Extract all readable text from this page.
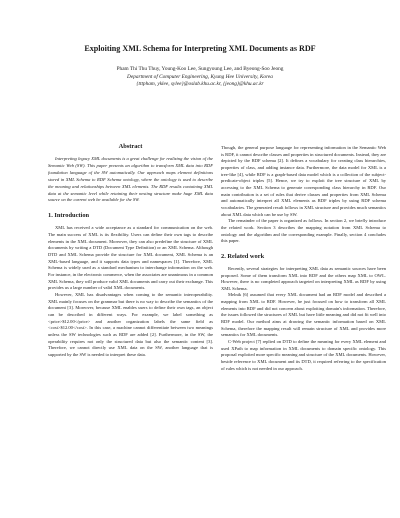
Exploiting XML Schema for Interpreting XML Documents as RDF
Pham Thi Thu Thuy, Young-Koo Lee, Sungyoung Lee, and Byeong-Soo Jeong
Department of Computer Engineering, Kyung Hee University, Korea
{tttpham, yklee, sylee}@oslab.khu.ac.kr, {jeong}@khu.ac.kr
Abstract

Interpreting legacy XML documents is a great challenge for realizing the vision of the Semantic Web (SW). This paper presents an algorithm to transform XML data into RDF foundation language of the SW automatically. Our approach maps element definitions stored in XML Schema to RDF Schema ontology, where the ontology is used to describe the meaning and relationships between XML elements. The RDF results containing XML data at the semantic level while retaining their nesting structure make huge XML data source on the current web be available for the SW.

1. Introduction

XML has received a wide acceptance as a standard for communication on the web. The main success of XML is its flexibility. Users can define their own tags to describe elements in the XML document. Moreover, they can also predefine the structure of XML documents by writing a DTD (Document Type Definition) or an XML Schema. Although DTD and XML Schema provide the structure for XML document, XML Schema is an XML-based language, and it supports data types and namespaces [1]. Therefore, XML Schema is widely used as a standard mechanism to interchange information on the web. For instance, in the electronic commerce, when the associates are unanimous in a common XML Schema, they will produce valid XML documents and carry out their exchange. This provides us a large number of valid XML documents.

However, XML has disadvantages when coming to the semantic interoperability. XML mainly focuses on the grammar but there is no way to describe the semantics of the document [3]. Moreover, because XML enables users to define their own tags, an object can be described in different ways. For example, we label something as <price>$12.00</price> and another organization labels the same field as <cost>$12.00</cost>. In this case, a machine cannot differentiate between two meanings unless the SW technologies such as RDF are added [2]. Furthermore, in the SW, the operability requires not only the structured data but also the semantic content [3]. Therefore, we cannot directly use XML data on the SW, another language that is supported by the SW is needed to interpret these data.

Though, the general purpose language for representing information in the Semantic Web is RDF, it cannot describe classes and properties in structured documents. Instead, they are depicted by the RDF schema [2]. It defines a vocabulary for creating class hierarchies, properties of class, and adding instance data. Furthermore, the data model for XML is a tree-like [4], while RDF is a graph-based data model which is a collection of the subject-predicate-object triples [5]. Hence, we try to exploit the tree structure of XML by accessing to the XML Schema to generate corresponding class hierarchy in RDF. Our main contribution is a set of rules that derive classes and properties from XML Schema and automatically interpret all XML elements as RDF triples by using RDF schema vocabularies. The generated result follows in XML structure and provides much semantics about XML data which can be use by SW.

The remainder of the paper is organized as follows. In section 2, we briefly introduce the related work. Section 3 describes the mapping notation from XML Schema to ontology and the algorithm and the corresponding example. Finally, section 4 concludes this paper.

2. Related work

Recently, several strategies for interpreting XML data as semantic sources have been proposed. Some of them transform XML into RDF and the others map XML to OWL. However, there is no completed approach targeted on interpreting XML as RDF by using XML Schema.

Melnik [6] assumed that every XML document had an RDF model and described a mapping from XML to RDF. However, he just focused on how to transform all XML elements into RDF and did not concern about exploiting domain's information. Therefore, the issues followed the structures of XML but have little meaning and did not fit well into RDF model. Our method aims at drawing the semantic information based on XML Schema, therefore the mapping result will remain structure of XML and provides more semantics for XML documents.

C-Web project [7] replied on DTD to define the meaning for every XML element and used XPath to map information in XML documents to domain specific ontology. This proposal exploited more specific meaning and structure of the XML documents. However, beside reference to XML document and its DTD, it required referring to the specification of rules which is not needed in our approach.
